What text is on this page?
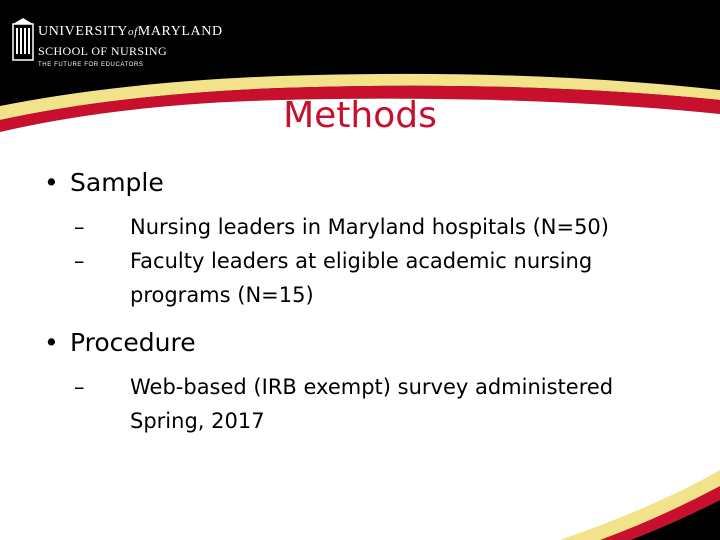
UNIVERSITYofMARYLAND
SCHOOL OF NURSING
THE FUTURE FOR EDUCATORS
Methods
• Sample
– Nursing leaders in Maryland hospitals (N=50)
– Faculty leaders at eligible academic nursing programs (N=15)
• Procedure
– Web-based (IRB exempt) survey administered Spring, 2017
